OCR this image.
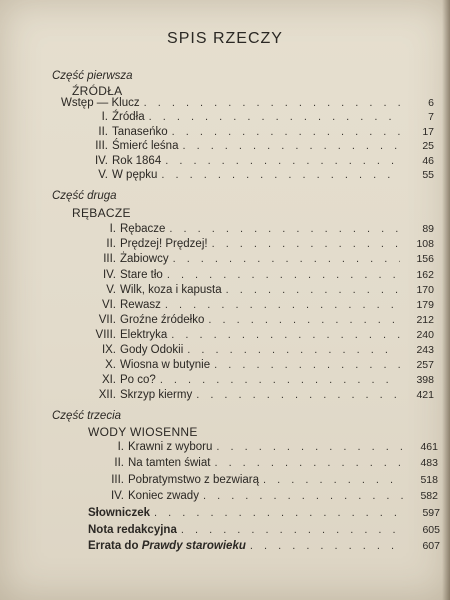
SPIS RZECZY
Część pierwsza
ŹRÓDŁA
Wstęp — Klucz . . .	6
I. Źródła . . .	7
II. Tanaseńko . . .	17
III. Śmierć leśna . . .	25
IV. Rok 1864 . . .	46
V. W pępku . . .	55
Część druga
RĘBACZE
I. Rębacze . . .	89
II. Prędzej! Prędzej! . . .	108
III. Żabiowcy . . .	156
IV. Stare tło . . .	162
V. Wilk, koza i kapusta . . .	170
VI. Rewasz . . .	179
VII. Groźne źródełko . . .	212
VIII. Elektryka . . .	240
IX. Gody Odokii . . .	243
X. Wiosna w butynie . . .	257
XI. Po co? . . .	398
XII. Skrzyp kiermy . . .	421
Część trzecia
WODY WIOSENNE
I. Krawni z wyboru . . .	461
II. Na tamten świat . . .	483
III. Pobratymstwo z bezwiarą . . .	518
IV. Koniec zwady . . .	582
Słowniczek . . .	597
Nota redakcyjna . . .	605
Errata do Prawdy starowieku . . .	607
